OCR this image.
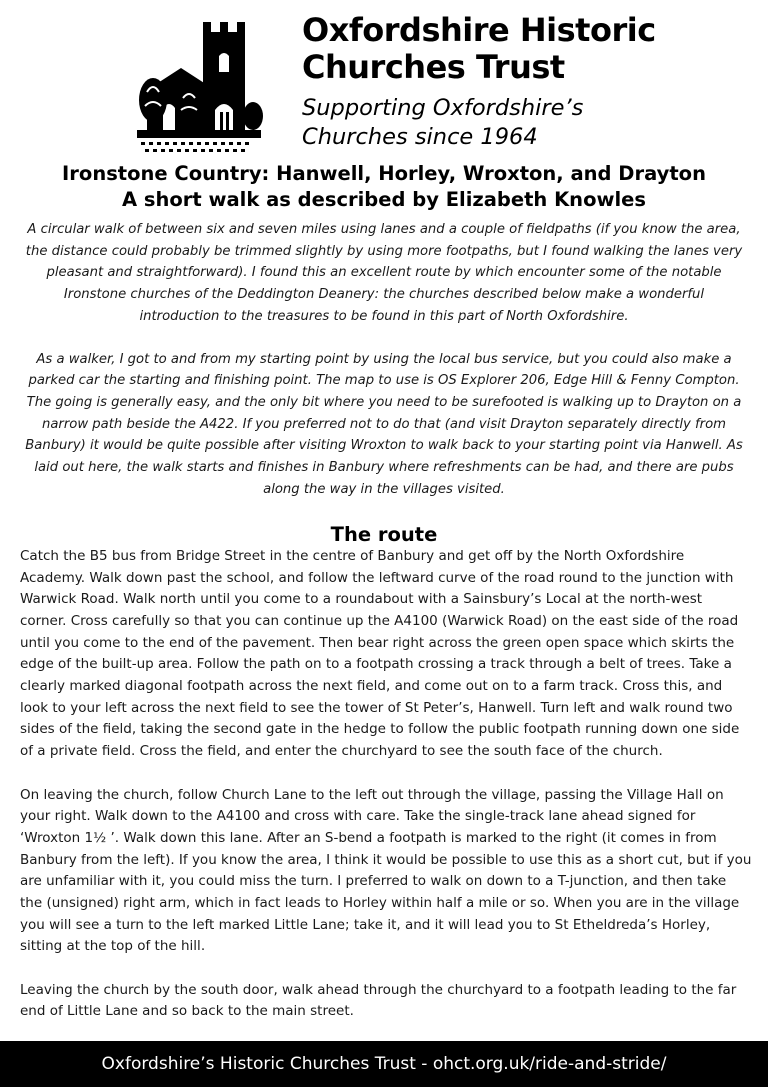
Oxfordshire Historic
Churches Trust
Supporting Oxfordshire’s
Churches since 1964
Ironstone Country: Hanwell, Horley, Wroxton, and Drayton
A short walk as described by Elizabeth Knowles

A circular walk of between six and seven miles using lanes and a couple of fieldpaths (if you know the area, the distance could probably be trimmed slightly by using more footpaths, but I found walking the lanes very pleasant and straightforward). I found this an excellent route by which encounter some of the notable Ironstone churches of the Deddington Deanery: the churches described below make a wonderful introduction to the treasures to be found in this part of North Oxfordshire.

As a walker, I got to and from my starting point by using the local bus service, but you could also make a parked car the starting and finishing point. The map to use is OS Explorer 206, Edge Hill & Fenny Compton. The going is generally easy, and the only bit where you need to be surefooted is walking up to Drayton on a narrow path beside the A422. If you preferred not to do that (and visit Drayton separately directly from Banbury) it would be quite possible after visiting Wroxton to walk back to your starting point via Hanwell. As laid out here, the walk starts and finishes in Banbury where refreshments can be had, and there are pubs along the way in the villages visited.

The route

Catch the B5 bus from Bridge Street in the centre of Banbury and get off by the North Oxfordshire Academy. Walk down past the school, and follow the leftward curve of the road round to the junction with Warwick Road. Walk north until you come to a roundabout with a Sainsbury’s Local at the north-west corner. Cross carefully so that you can continue up the A4100 (Warwick Road) on the east side of the road until you come to the end of the pavement. Then bear right across the green open space which skirts the edge of the built-up area. Follow the path on to a footpath crossing a track through a belt of trees. Take a clearly marked diagonal footpath across the next field, and come out on to a farm track. Cross this, and look to your left across the next field to see the tower of St Peter’s, Hanwell. Turn left and walk round two sides of the field, taking the second gate in the hedge to follow the public footpath running down one side of a private field. Cross the field, and enter the churchyard to see the south face of the church.

On leaving the church, follow Church Lane to the left out through the village, passing the Village Hall on your right. Walk down to the A4100 and cross with care. Take the single-track lane ahead signed for ‘Wroxton 1½ ’. Walk down this lane. After an S-bend a footpath is marked to the right (it comes in from Banbury from the left). If you know the area, I think it would be possible to use this as a short cut, but if you are unfamiliar with it, you could miss the turn. I preferred to walk on down to a T-junction, and then take the (unsigned) right arm, which in fact leads to Horley within half a mile or so. When you are in the village you will see a turn to the left marked Little Lane; take it, and it will lead you to St Etheldreda’s Horley, sitting at the top of the hill.

Leaving the church by the south door, walk ahead through the churchyard to a footpath leading to the far end of Little Lane and so back to the main street.

Oxfordshire’s Historic Churches Trust - ohct.org.uk/ride-and-stride/
